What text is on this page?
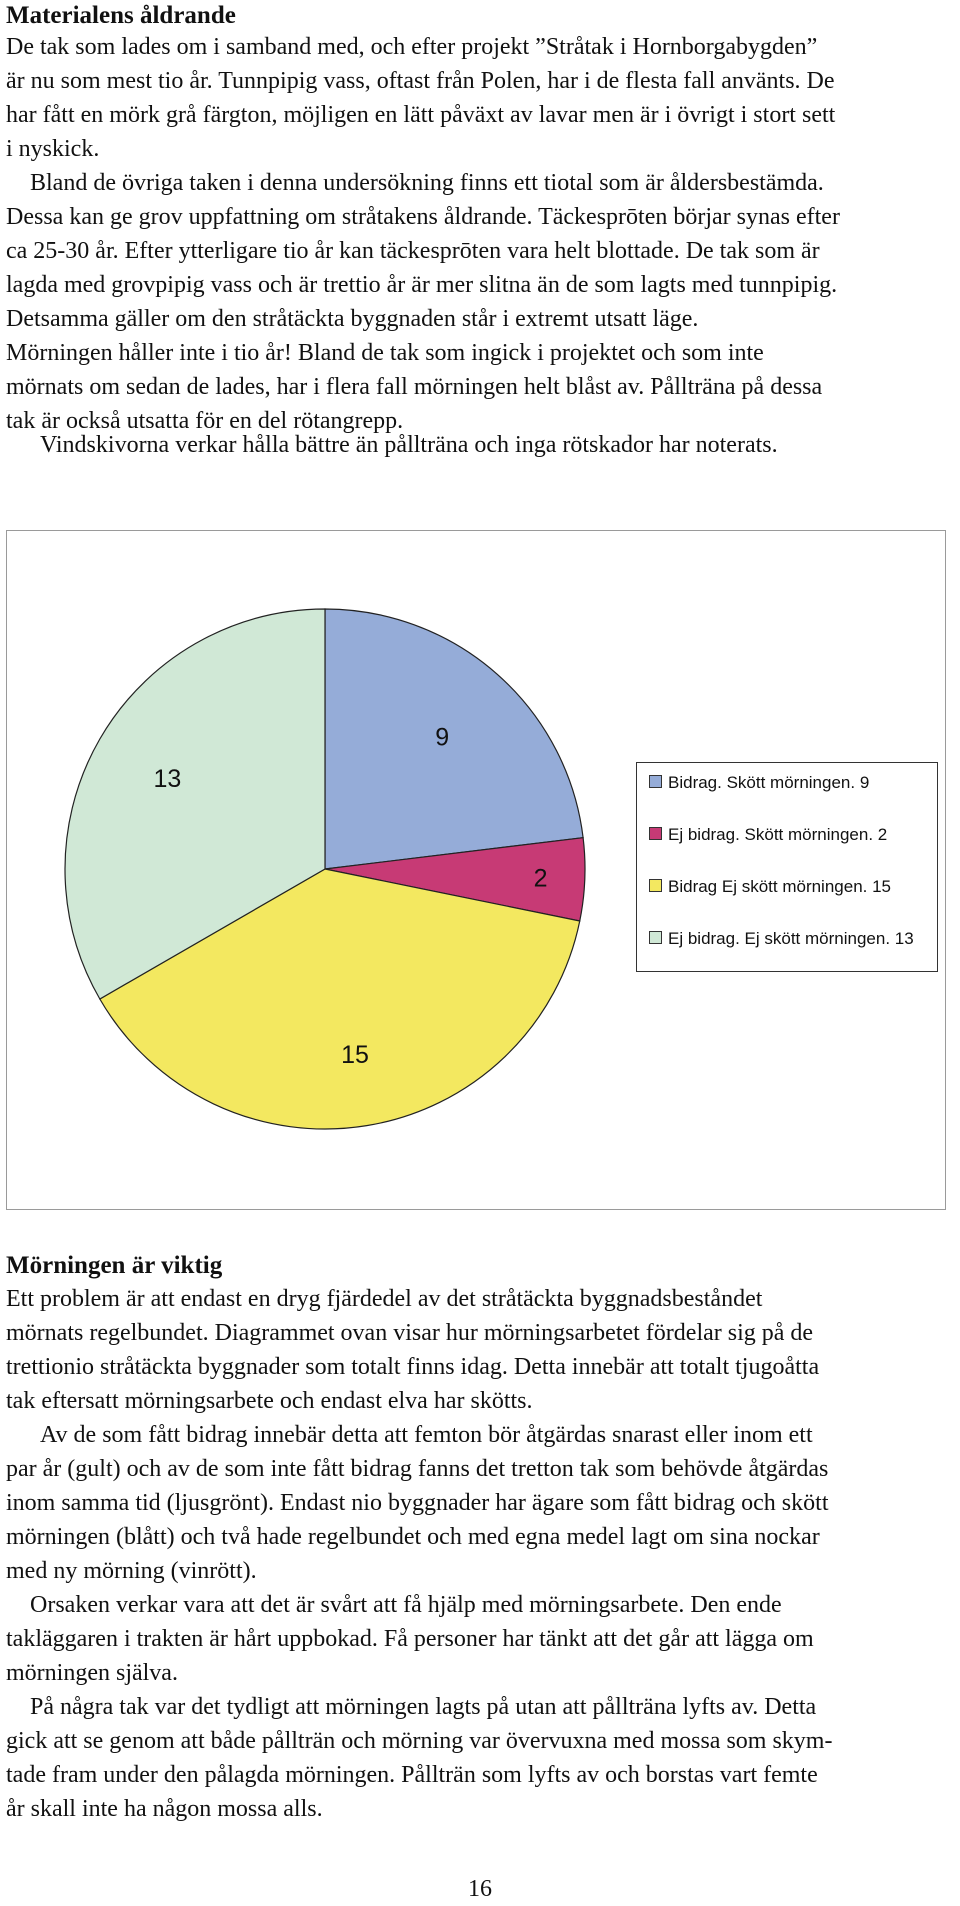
Materialens åldrande

De tak som lades om i samband med, och efter projekt ”Stråtak i Hornborgabygden”

är nu som mest tio år. Tunnpipig vass, oftast från Polen, har i de flesta fall använts. De

har fått en mörk grå färgton, möjligen en lätt påväxt av lavar men är i övrigt i stort sett

i nyskick.

Bland de övriga taken i denna undersökning finns ett tiotal som är åldersbestämda.

Dessa kan ge grov uppfattning om stråtakens åldrande. Täckesprōten börjar synas efter

ca 25-30 år. Efter ytterligare tio år kan täckesprōten vara helt blottade. De tak som är

lagda med grovpipig vass och är trettio år är mer slitna än de som lagts med tunnpipig.

Detsamma gäller om den stråtäckta byggnaden står i extremt utsatt läge.

Mörningen håller inte i tio år! Bland de tak som ingick i projektet och som inte

mörnats om sedan de lades, har i flera fall mörningen helt blåst av. Pållträna på dessa

tak är också utsatta för en del rötangrepp.

Vindskivorna verkar hålla bättre än pållträna och inga rötskador har noterats.

9
2
15
13	Bidrag. Skött mörningen. 9
Ej bidrag. Skött mörningen. 2
Bidrag Ej skött mörningen. 15
Ej bidrag. Ej skött mörningen. 13
Mörningen är viktig

Ett problem är att endast en dryg fjärdedel av det stråtäckta byggnadsbeståndet

mörnats regelbundet. Diagrammet ovan visar hur mörningsarbetet fördelar sig på de

trettionio stråtäckta byggnader som totalt finns idag. Detta innebär att totalt tjugoåtta

tak eftersatt mörningsarbete och endast elva har skötts.

Av de som fått bidrag innebär detta att femton bör åtgärdas snarast eller inom ett

par år (gult) och av de som inte fått bidrag fanns det tretton tak som behövde åtgärdas

inom samma tid (ljusgrönt). Endast nio byggnader har ägare som fått bidrag och skött

mörningen (blått) och två hade regelbundet och med egna medel lagt om sina nockar

med ny mörning (vinrött).

Orsaken verkar vara att det är svårt att få hjälp med mörningsarbete. Den ende

takläggaren i trakten är hårt uppbokad. Få personer har tänkt att det går att lägga om

mörningen själva.

På några tak var det tydligt att mörningen lagts på utan att pållträna lyfts av. Detta

gick att se genom att både pållträn och mörning var övervuxna med mossa som skym-

tade fram under den pålagda mörningen. Pållträn som lyfts av och borstas vart femte

år skall inte ha någon mossa alls.

16
